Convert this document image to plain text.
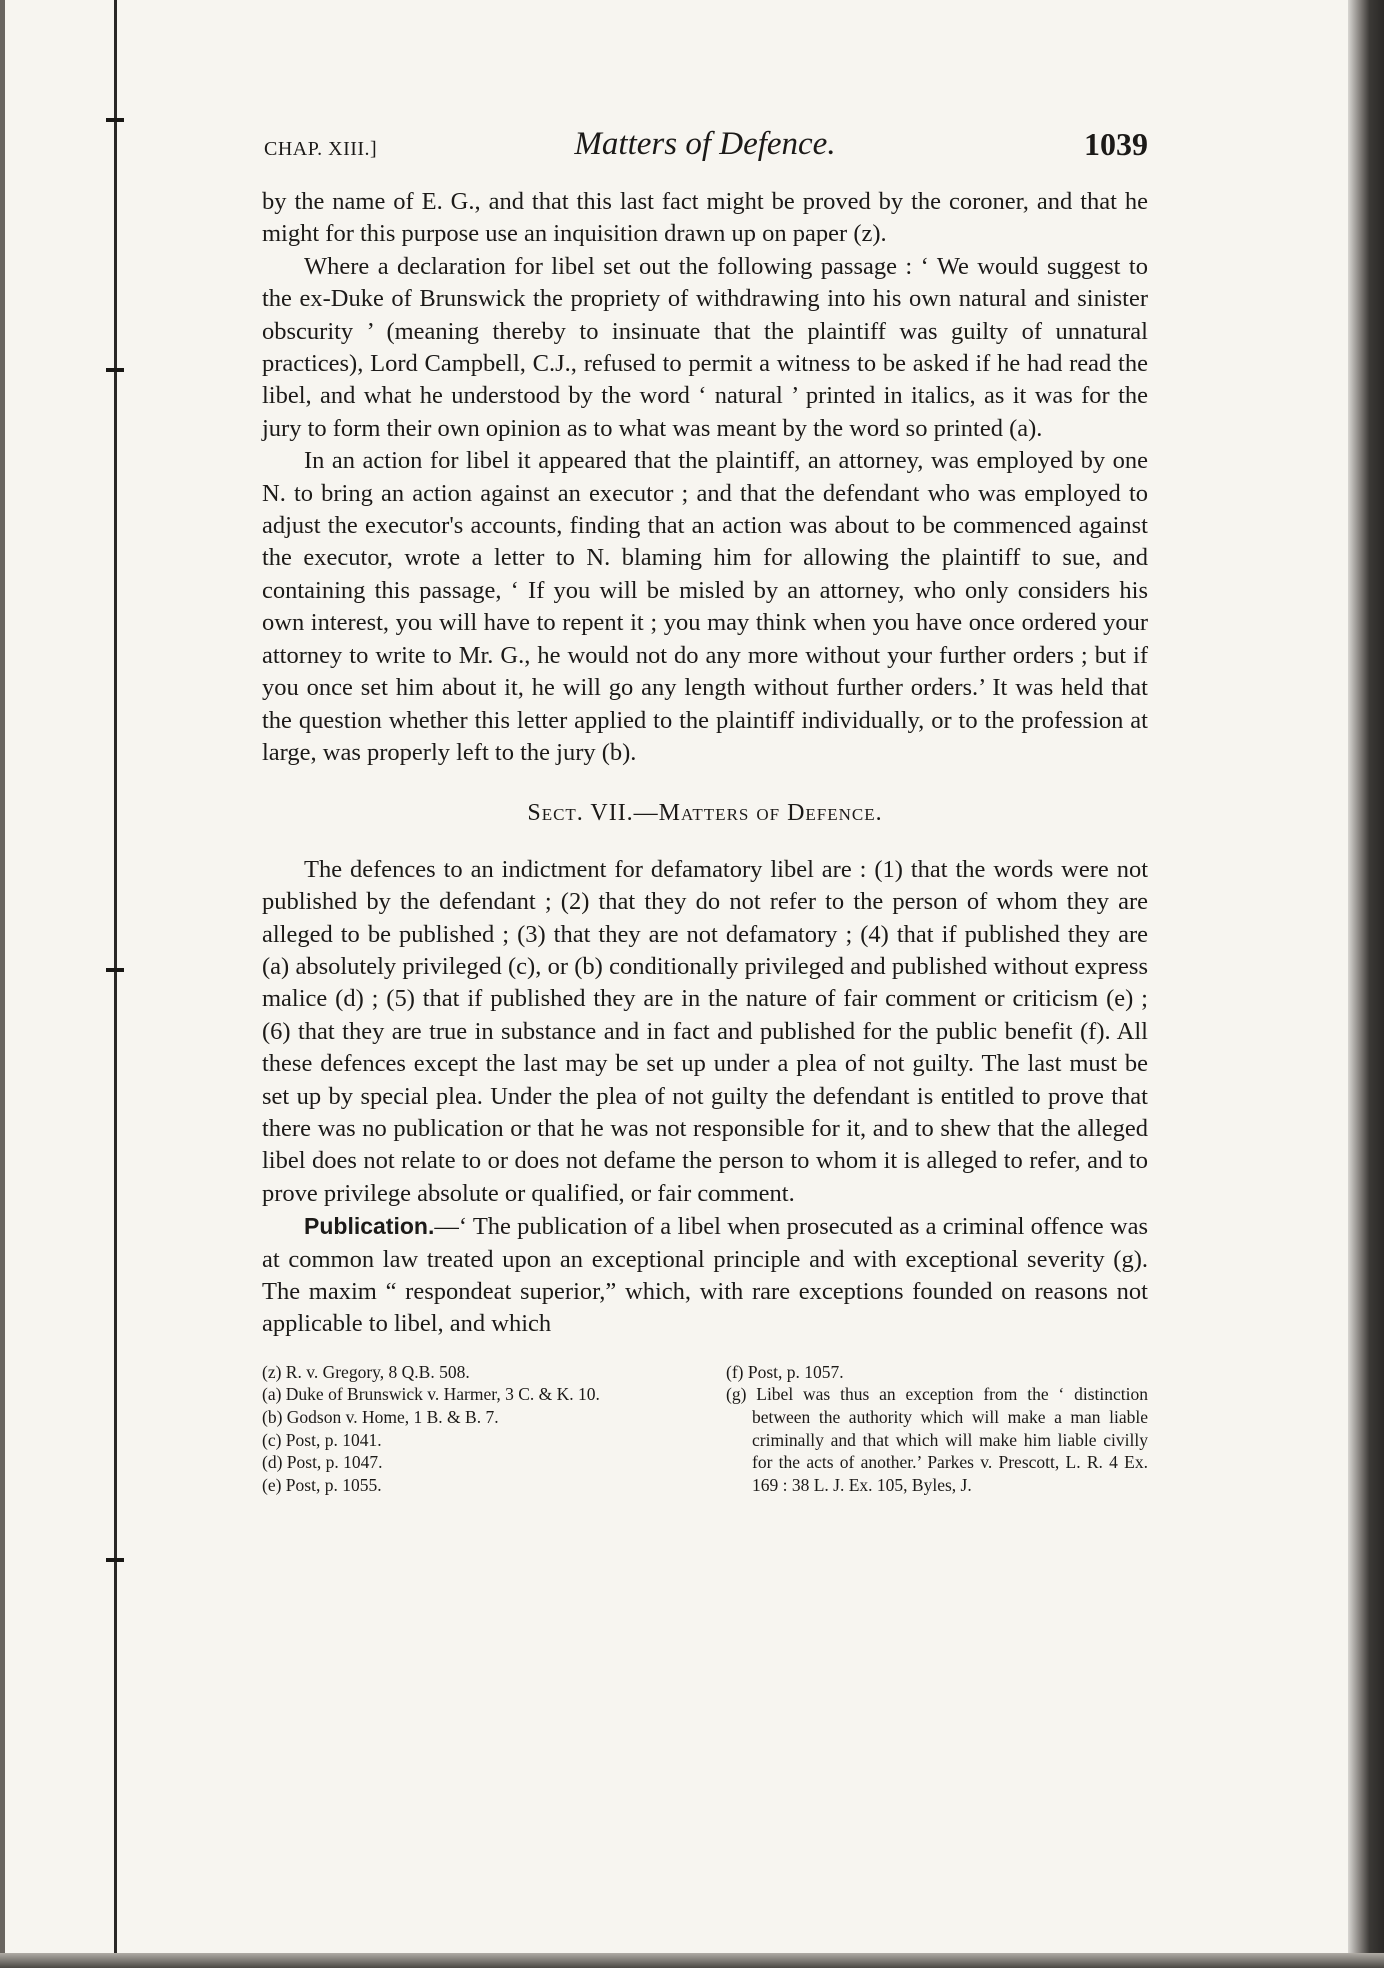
CHAP. XIII.]	Matters of Defence.	1039

by the name of E. G., and that this last fact might be proved by the coroner, and that he might for this purpose use an inquisition drawn up on paper (z).

Where a declaration for libel set out the following passage : ‘ We would suggest to the ex-Duke of Brunswick the propriety of withdrawing into his own natural and sinister obscurity ’ (meaning thereby to insinuate that the plaintiff was guilty of unnatural practices), Lord Campbell, C.J., refused to permit a witness to be asked if he had read the libel, and what he understood by the word ‘ natural ’ printed in italics, as it was for the jury to form their own opinion as to what was meant by the word so printed (a).

In an action for libel it appeared that the plaintiff, an attorney, was employed by one N. to bring an action against an executor ; and that the defendant who was employed to adjust the executor's accounts, finding that an action was about to be commenced against the executor, wrote a letter to N. blaming him for allowing the plaintiff to sue, and containing this passage, ‘ If you will be misled by an attorney, who only considers his own interest, you will have to repent it ; you may think when you have once ordered your attorney to write to Mr. G., he would not do any more without your further orders ; but if you once set him about it, he will go any length without further orders.’ It was held that the question whether this letter applied to the plaintiff individually, or to the profession at large, was properly left to the jury (b).

Sect. VII.—Matters of Defence.

The defences to an indictment for defamatory libel are : (1) that the words were not published by the defendant ; (2) that they do not refer to the person of whom they are alleged to be published ; (3) that they are not defamatory ; (4) that if published they are (a) absolutely privileged (c), or (b) conditionally privileged and published without express malice (d) ; (5) that if published they are in the nature of fair comment or criticism (e) ; (6) that they are true in substance and in fact and published for the public benefit (f). All these defences except the last may be set up under a plea of not guilty. The last must be set up by special plea. Under the plea of not guilty the defendant is entitled to prove that there was no publication or that he was not responsible for it, and to shew that the alleged libel does not relate to or does not defame the person to whom it is alleged to refer, and to prove privilege absolute or qualified, or fair comment.

Publication.—‘ The publication of a libel when prosecuted as a criminal offence was at common law treated upon an exceptional principle and with exceptional severity (g). The maxim “ respondeat superior,” which, with rare exceptions founded on reasons not applicable to libel, and which

(z) R. v. Gregory, 8 Q.B. 508.

(a) Duke of Brunswick v. Harmer, 3 C. & K. 10.

(b) Godson v. Home, 1 B. & B. 7.

(c) Post, p. 1041.

(d) Post, p. 1047.

(e) Post, p. 1055.

(f) Post, p. 1057.

(g) Libel was thus an exception from the ‘ distinction between the authority which will make a man liable criminally and that which will make him liable civilly for the acts of another.’ Parkes v. Prescott, L. R. 4 Ex. 169 : 38 L. J. Ex. 105, Byles, J.
